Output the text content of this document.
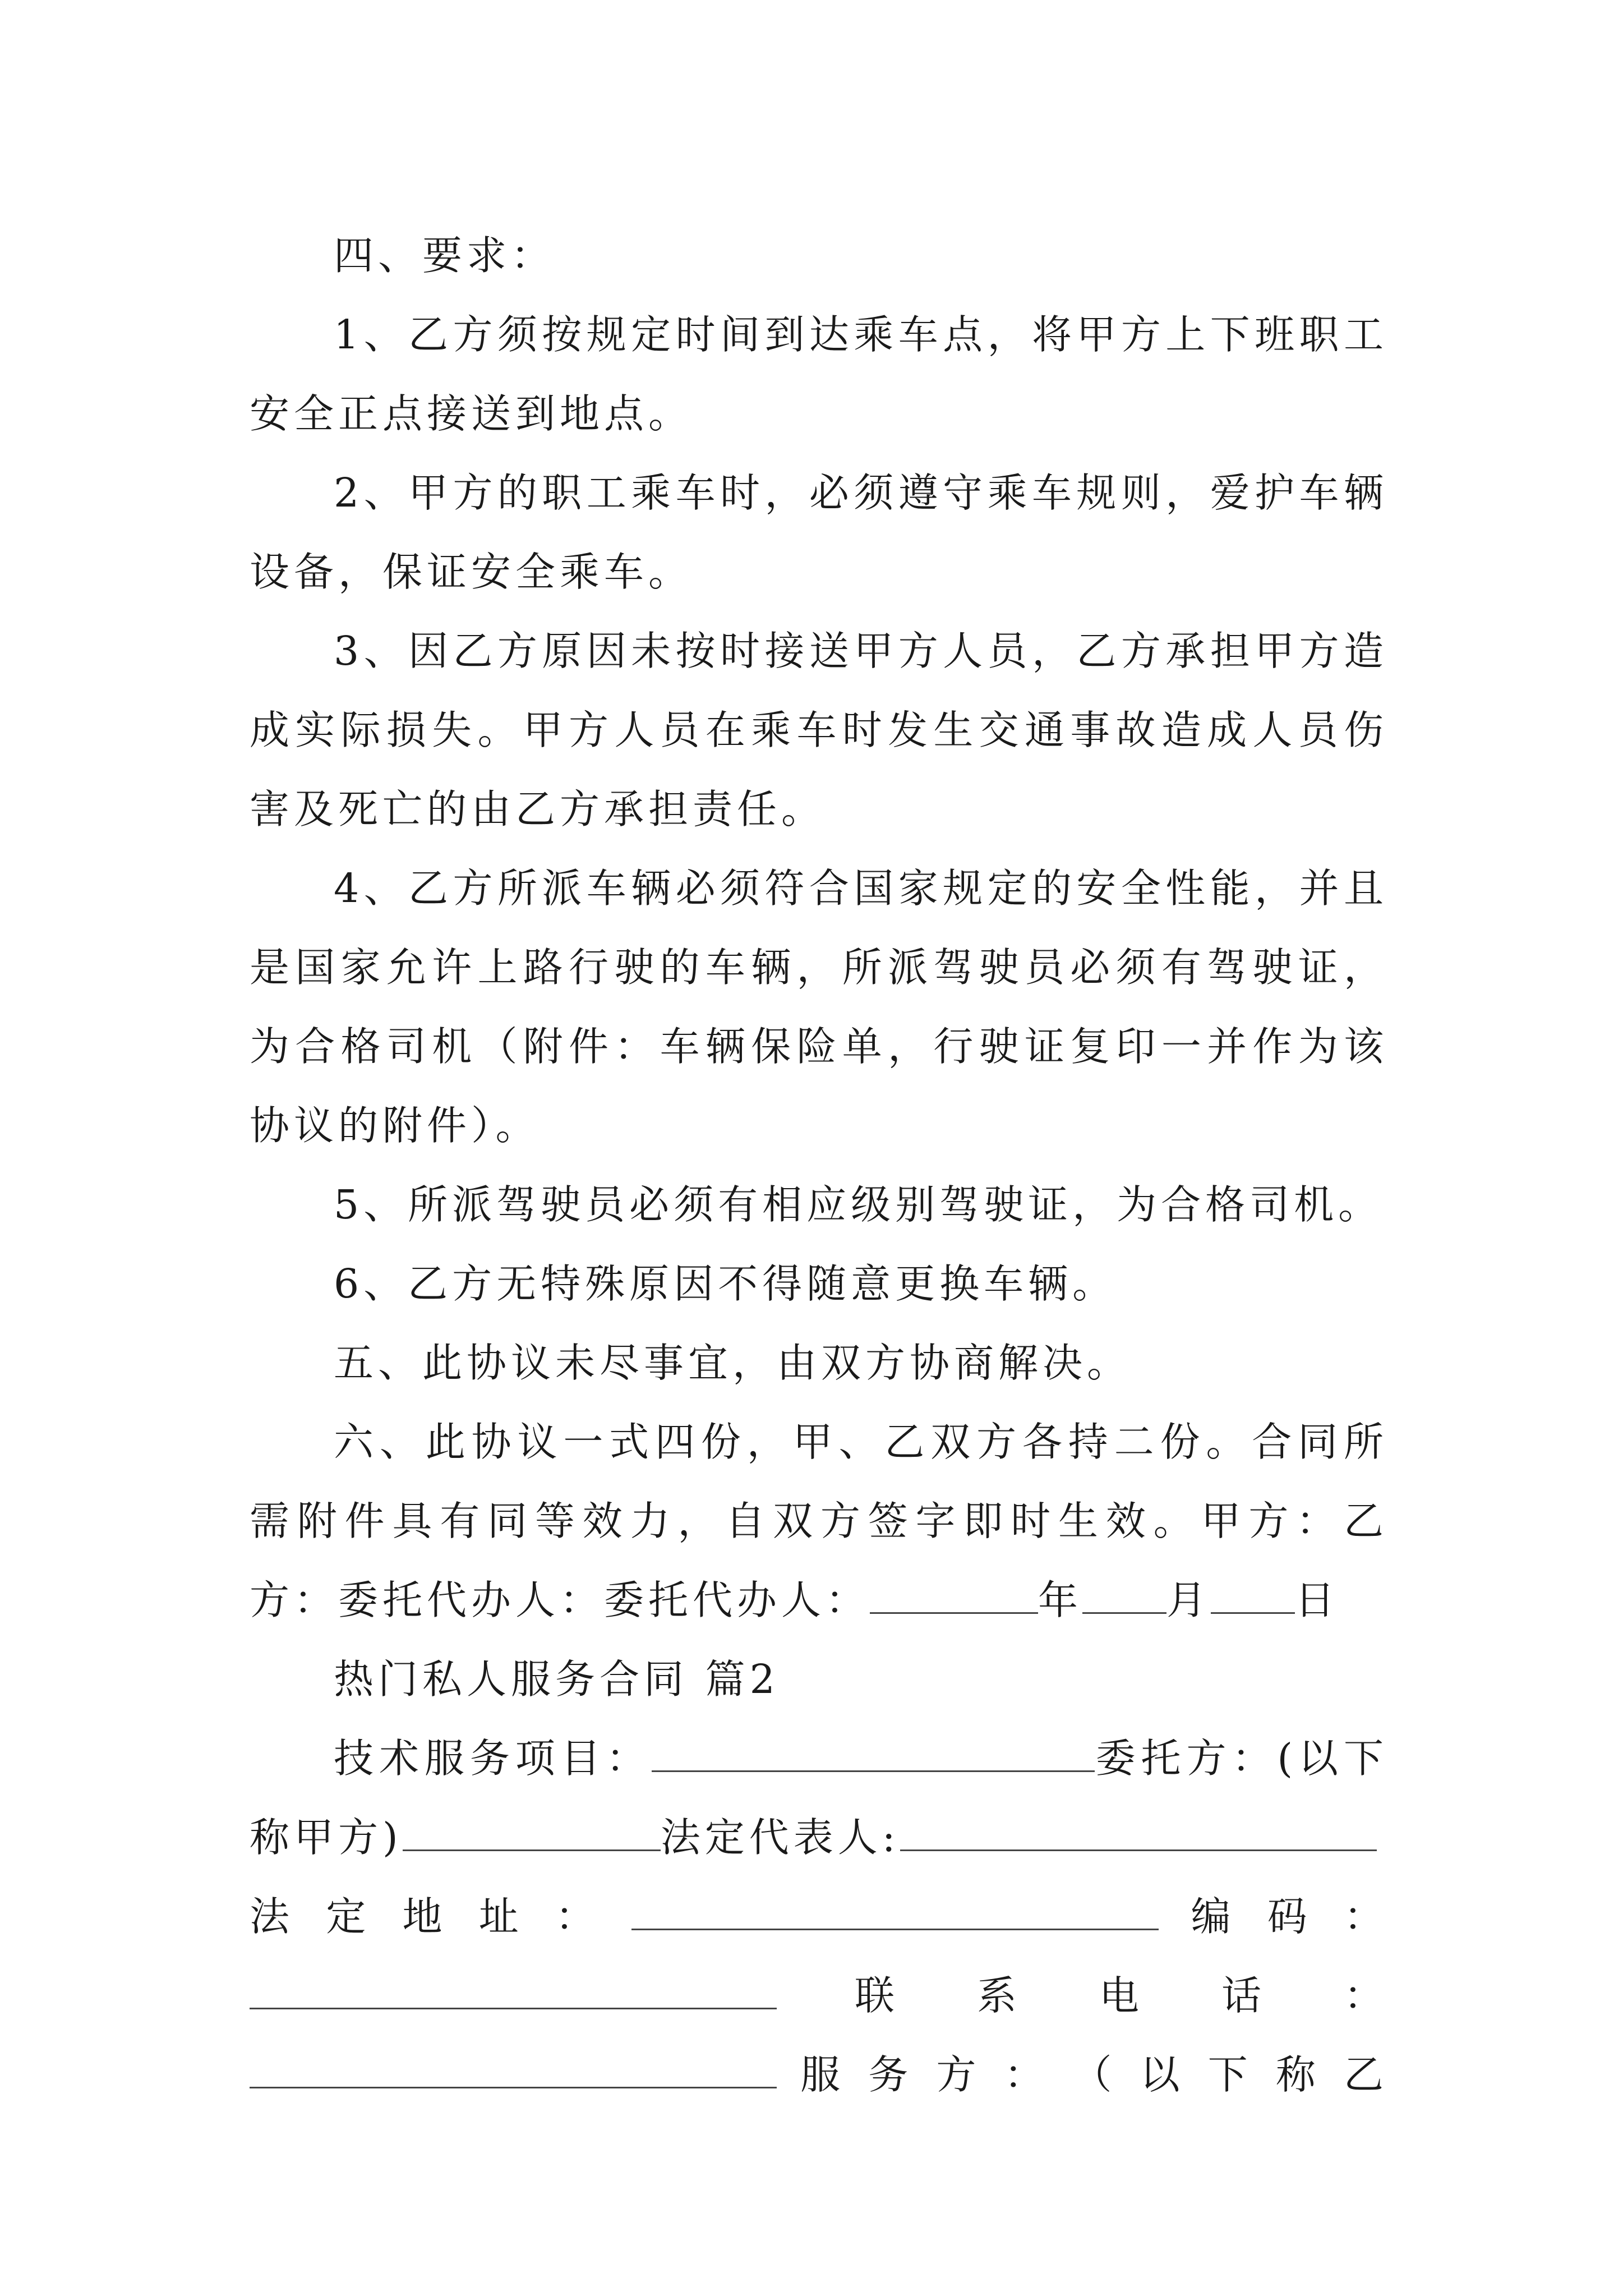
四、要求：

1、乙方须按规定时间到达乘车点，将甲方上下班职工安全正点接送到地点。

2、甲方的职工乘车时，必须遵守乘车规则，爱护车辆设备，保证安全乘车。

3、因乙方原因未按时接送甲方人员，乙方承担甲方造成实际损失。甲方人员在乘车时发生交通事故造成人员伤害及死亡的由乙方承担责任。

4、乙方所派车辆必须符合国家规定的安全性能，并且是国家允许上路行驶的车辆，所派驾驶员必须有驾驶证，为合格司机（附件：车辆保险单，行驶证复印一并作为该协议的附件）。

5、所派驾驶员必须有相应级别驾驶证，为合格司机。

6、乙方无特殊原因不得随意更换车辆。

五、此协议未尽事宜，由双方协商解决。

六、此协议一式四份，甲、乙双方各持二份。合同所需附件具有同等效力，自双方签字即时生效。甲方：乙方：委托代办人：委托代办人：	年 月 日

热门私人服务合同 篇2

技术服务项目：	委托方：(以下称甲方)	法定代表人:

法 定 地 址 ：	编 码 ：
联 系 电 话 ：
服 务 方 ： （ 以 下 称 乙
